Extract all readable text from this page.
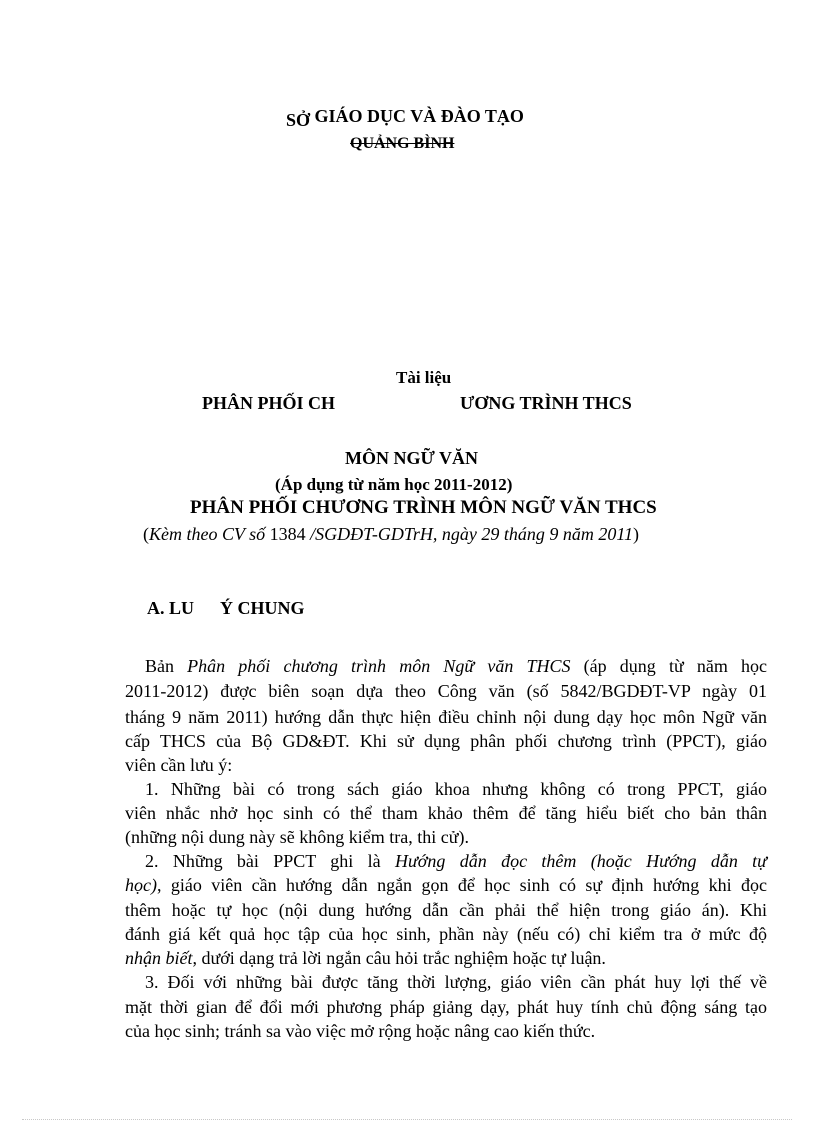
SỞ GIÁO DỤC VÀ ĐÀO TẠO
QUẢNG BÌNH
Tài liệu
PHÂN PHỐI CH	ƯƠNG TRÌNH THCS
MÔN NGỮ VĂN
(Áp dụng từ năm học 2011-2012)
PHÂN PHỐI CHƯƠNG TRÌNH MÔN NGỮ VĂN THCS
(Kèm theo CV số 1384 /SGDĐT-GDTrH, ngày 29 tháng 9 năm 2011)
A. LU Ý CHUNG
Bản Phân phối chương trình môn Ngữ văn THCS (áp dụng từ năm học
2011-2012) được biên soạn dựa theo Công văn (số 5842/BGDĐT-VP ngày 01
tháng 9 năm 2011) hướng dẫn thực hiện điều chỉnh nội dung dạy học môn Ngữ văn
cấp THCS của Bộ GD&ĐT. Khi sử dụng phân phối chương trình (PPCT), giáo
viên cần lưu ý:
1. Những bài có trong sách giáo khoa nhưng không có trong PPCT, giáo
viên nhắc nhở học sinh có thể tham khảo thêm để tăng hiểu biết cho bản thân
(những nội dung này sẽ không kiểm tra, thi cử).
2. Những bài PPCT ghi là Hướng dẫn đọc thêm (hoặc Hướng dẫn tự
học), giáo viên cần hướng dẫn ngắn gọn để học sinh có sự định hướng khi đọc
thêm hoặc tự học (nội dung hướng dẫn cần phải thể hiện trong giáo án). Khi
đánh giá kết quả học tập của học sinh, phần này (nếu có) chỉ kiểm tra ở mức độ
nhận biết, dưới dạng trả lời ngắn câu hỏi trắc nghiệm hoặc tự luận.
3. Đối với những bài được tăng thời lượng, giáo viên cần phát huy lợi thế về
mặt thời gian để đổi mới phương pháp giảng dạy, phát huy tính chủ động sáng tạo
của học sinh; tránh sa vào việc mở rộng hoặc nâng cao kiến thức.
